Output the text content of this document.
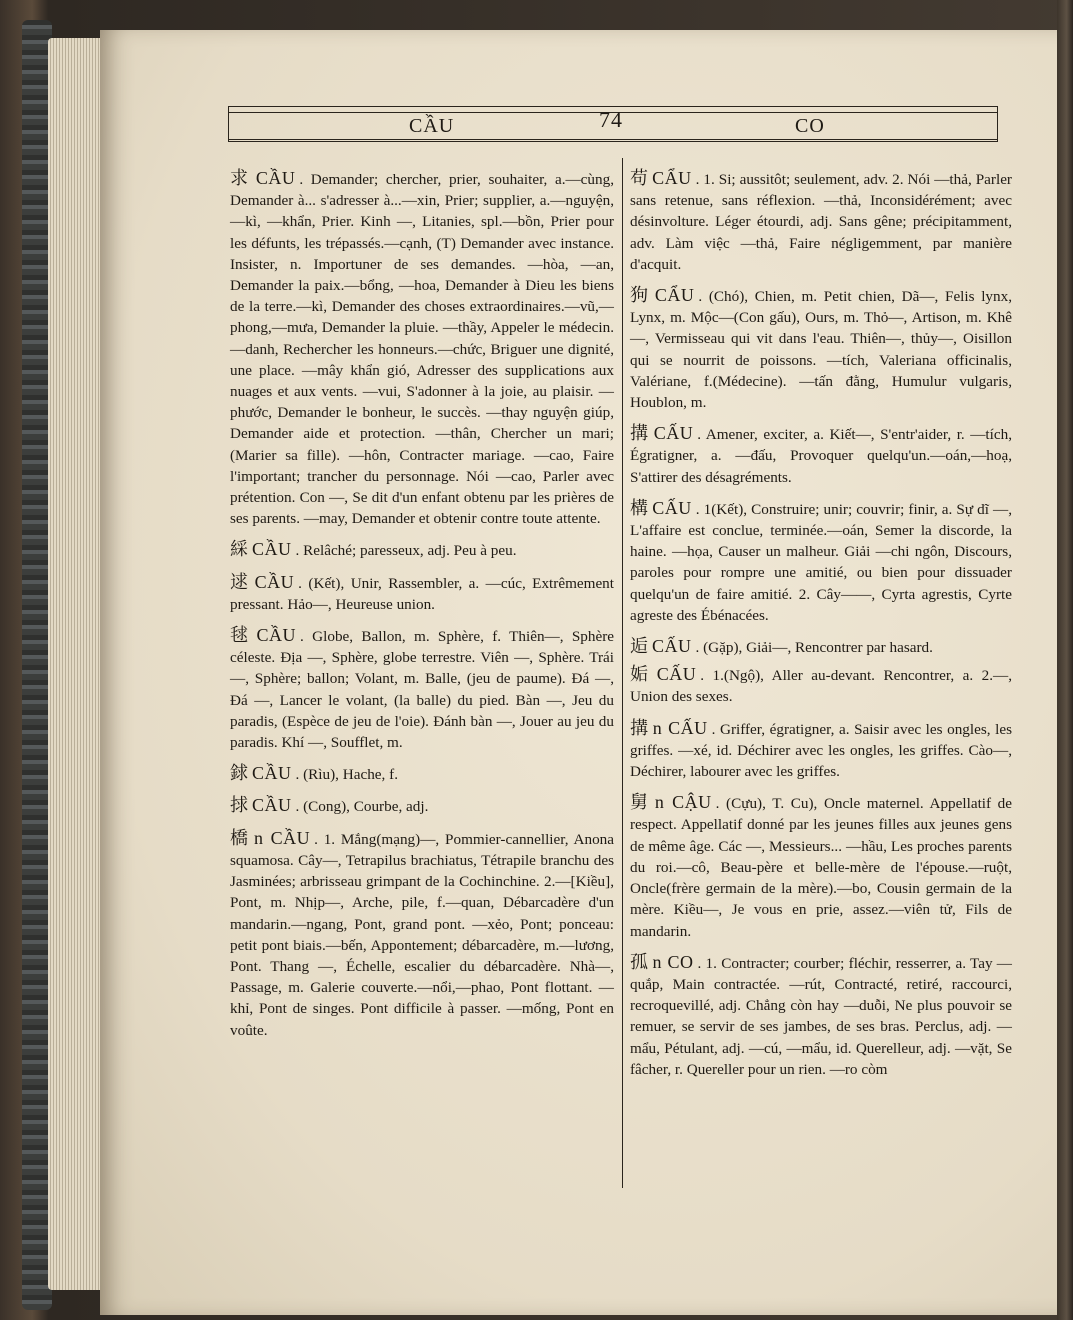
CẦU	74	CO

求 CẦU . Demander; chercher, prier, souhaiter, a.—cùng, Demander à... s'adresser à...—xin, Prier; supplier, a.—nguyện, —kì, —khẩn, Prier. Kinh —, Litanies, spl.—bồn, Prier pour les défunts, les trépassés.—cạnh, (T) Demander avec instance. Insister, n. Importuner de ses demandes. —hòa, —an, Demander la paix.—bổng, —hoa, Demander à Dieu les biens de la terre.—kì, Demander des choses extraordinaires.—vũ,—phong,—mưa, Demander la pluie. —thầy, Appeler le médecin. —danh, Rechercher les honneurs.—chức, Briguer une dignité, une place. —mây khẩn gió, Adresser des supplications aux nuages et aux vents. —vui, S'adonner à la joie, au plaisir. —phước, Demander le bonheur, le succès. —thay nguyện giúp, Demander aide et protection. —thân, Chercher un mari; (Marier sa fille). —hôn, Contracter mariage. —cao, Faire l'important; trancher du personnage. Nói —cao, Parler avec prétention. Con —, Se dit d'un enfant obtenu par les prières de ses parents. —may, Demander et obtenir contre toute attente.

綵 CẦU . Relâché; paresseux, adj. Peu à peu.

逑 CẦU . (Kết), Unir, Rassembler, a. —cúc, Extrêmement pressant. Hảo—, Heureuse union.

毬 CẦU . Globe, Ballon, m. Sphère, f. Thiên—, Sphère céleste. Địa —, Sphère, globe terrestre. Viên —, Sphère. Trái —, Sphère; ballon; Volant, m. Balle, (jeu de paume). Đá —, Đá —, Lancer le volant, (la balle) du pied. Bàn —, Jeu du paradis, (Espèce de jeu de l'oie). Đánh bàn —, Jouer au jeu du paradis. Khí —, Soufflet, m.

銶 CẦU . (Rìu), Hache, f.

捄 CẦU . (Cong), Courbe, adj.

橋 n CẦU . 1. Mắng(mạng)—, Pommier-cannellier, Anona squamosa. Cây—, Tetrapilus brachiatus, Tétrapile branchu des Jasminées; arbrisseau grimpant de la Cochinchine. 2.—[Kiều], Pont, m. Nhịp—, Arche, pile, f.—quan, Débarcadère d'un mandarin.—ngang, Pont, grand pont. —xẻo, Pont; ponceau: petit pont biais.—bến, Appontement; débarcadère, m.—lương, Pont. Thang —, Échelle, escalier du débarcadère. Nhà—, Passage, m. Galerie couverte.—nổi,—phao, Pont flottant. —khỉ, Pont de singes. Pont difficile à passer. —mống, Pont en voûte.

苟 CẨU . 1. Si; aussitôt; seulement, adv. 2. Nói —thả, Parler sans retenue, sans réflexion. —thả, Inconsidérément; avec désinvolture. Léger étourdi, adj. Sans gêne; précipitamment, adv. Làm việc —thả, Faire négligemment, par manière d'acquit.

狗 CẨU . (Chó), Chien, m. Petit chien, Dã—, Felis lynx, Lynx, m. Mộc—(Con gấu), Ours, m. Thỏ—, Artison, m. Khê —, Vermisseau qui vit dans l'eau. Thiên—, thủy—, Oisillon qui se nourrit de poissons. —tích, Valeriana officinalis, Valériane, f.(Médecine). —tấn đằng, Humulur vulgaris, Houblon, m.

搆 CẤU . Amener, exciter, a. Kiết—, S'entr'aider, r. —tích, Égratigner, a. —đấu, Provoquer quelqu'un.—oán,—hoạ, S'attirer des désagréments.

構 CẤU . 1(Kết), Construire; unir; couvrir; finir, a. Sự dĩ —, L'affaire est conclue, terminée.—oán, Semer la discorde, la haine. —họa, Causer un malheur. Giải —chi ngôn, Discours, paroles pour rompre une amitié, ou bien pour dissuader quelqu'un de faire amitié. 2. Cây——, Cyrta agrestis, Cyrte agreste des Ébénacées.

逅 CẤU . (Gặp), Giải—, Rencontrer par hasard.

姤 CẤU . 1.(Ngộ), Aller au-devant. Rencontrer, a. 2.—, Union des sexes.

搆 n CẤU . Griffer, égratigner, a. Saisir avec les ongles, les griffes. —xé, id. Déchirer avec les ongles, les griffes. Cào—, Déchirer, labourer avec les griffes.

舅 n CẬU . (Cựu), T. Cu), Oncle maternel. Appellatif de respect. Appellatif donné par les jeunes filles aux jeunes gens de même âge. Các —, Messieurs... —hầu, Les proches parents du roi.—cô, Beau-père et belle-mère de l'épouse.—ruột, Oncle(frère germain de la mère).—bo, Cousin germain de la mère. Kiều—, Je vous en prie, assez.—viên tử, Fils de mandarin.

孤 n CO . 1. Contracter; courber; fléchir, resserrer, a. Tay —quắp, Main contractée. —rút, Contracté, retiré, raccourci, recroquevillé, adj. Chẳng còn hay —duỗi, Ne plus pouvoir se remuer, se servir de ses jambes, de ses bras. Perclus, adj. —mẩu, Pétulant, adj. —cú, —mẩu, id. Querelleur, adj. —vặt, Se fâcher, r. Quereller pour un rien. —ro còm
